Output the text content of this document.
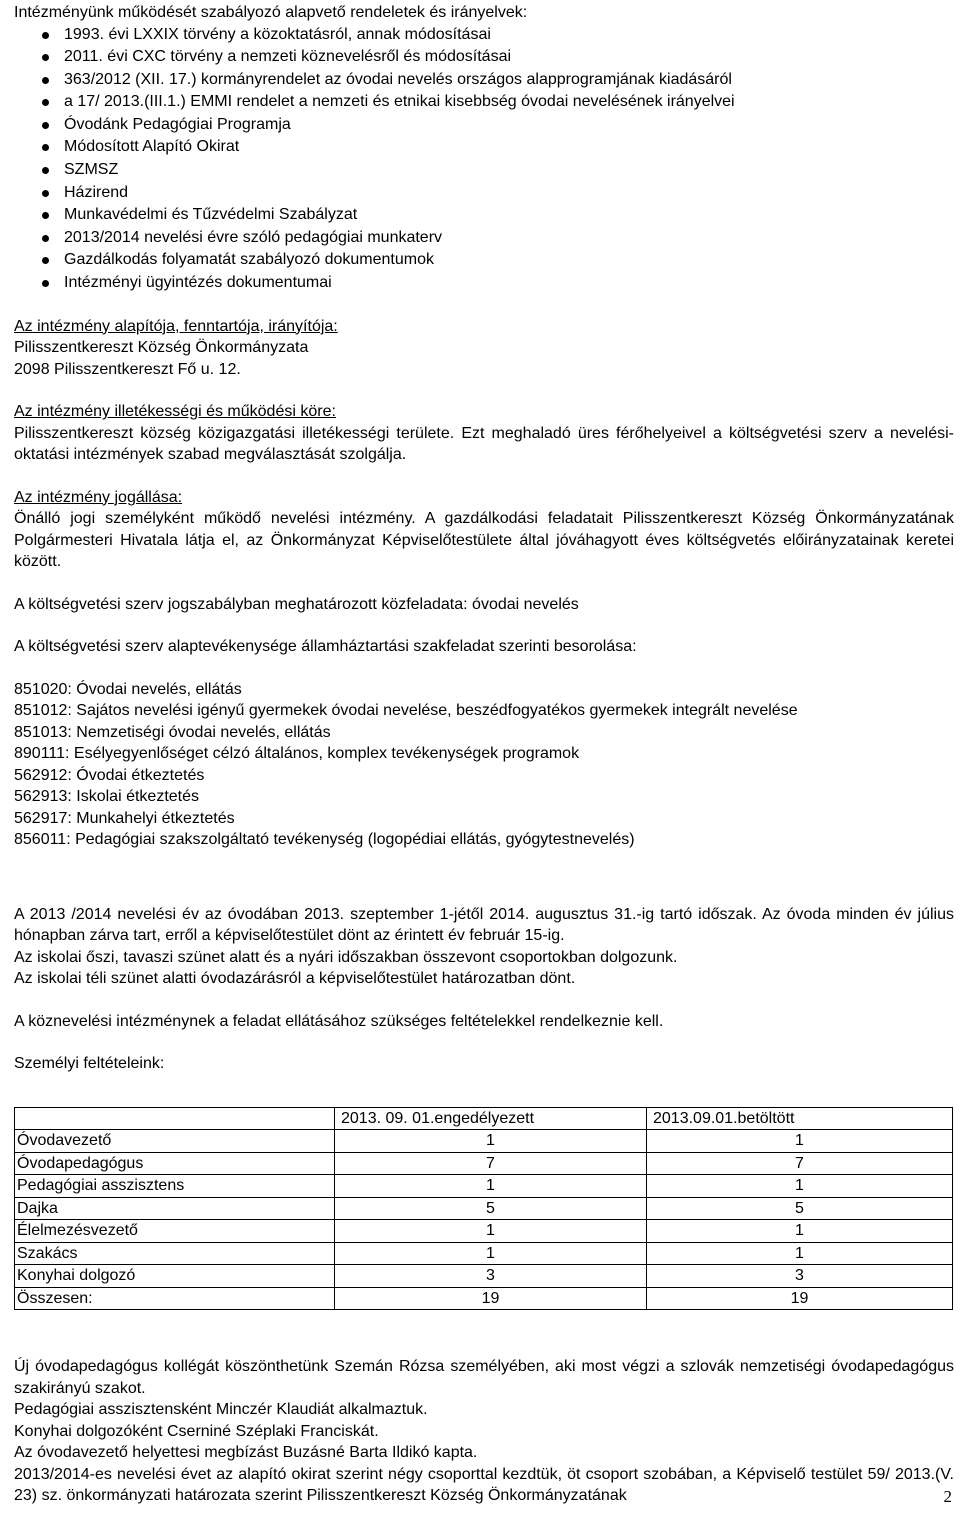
Intézményünk működését szabályozó alapvető rendeletek és irányelvek:

1993. évi LXXIX törvény a közoktatásról, annak módosításai
2011. évi CXC törvény a nemzeti köznevelésről és módosításai
363/2012 (XII. 17.) kormányrendelet az óvodai nevelés országos alapprogramjának kiadásáról
a 17/ 2013.(III.1.) EMMI rendelet a nemzeti és etnikai kisebbség óvodai nevelésének irányelvei
Óvodánk Pedagógiai Programja
Módosított Alapító Okirat
SZMSZ
Házirend
Munkavédelmi és Tűzvédelmi Szabályzat
2013/2014 nevelési évre szóló pedagógiai munkaterv
Gazdálkodás folyamatát szabályozó dokumentumok
Intézményi ügyintézés dokumentumai

Az intézmény alapítója, fenntartója, irányítója:

Pilisszentkereszt Község Önkormányzata

2098 Pilisszentkereszt Fő u. 12.

Az intézmény illetékességi és működési köre:

Pilisszentkereszt község közigazgatási illetékességi területe. Ezt meghaladó üres férőhelyeivel a költségvetési szerv a nevelési- oktatási intézmények szabad megválasztását szolgálja.

Az intézmény jogállása:

Önálló jogi személyként működő nevelési intézmény. A gazdálkodási feladatait Pilisszentkereszt Község Önkormányzatának Polgármesteri Hivatala látja el, az Önkormányzat Képviselőtestülete által jóváhagyott éves költségvetés előirányzatainak keretei között.

A költségvetési szerv jogszabályban meghatározott közfeladata: óvodai nevelés

A költségvetési szerv alaptevékenysége államháztartási szakfeladat szerinti besorolása:

851020: Óvodai nevelés, ellátás

851012: Sajátos nevelési igényű gyermekek óvodai nevelése, beszédfogyatékos gyermekek integrált nevelése

851013: Nemzetiségi óvodai nevelés, ellátás

890111: Esélyegyenlőséget célzó általános, komplex tevékenységek programok

562912: Óvodai étkeztetés

562913: Iskolai étkeztetés

562917: Munkahelyi étkeztetés

856011: Pedagógiai szakszolgáltató tevékenység (logopédiai ellátás, gyógytestnevelés)

A 2013 /2014 nevelési év az óvodában 2013. szeptember 1-jétől 2014. augusztus 31.-ig tartó időszak. Az óvoda minden év július hónapban zárva tart, erről a képviselőtestület dönt az érintett év február 15-ig.

Az iskolai őszi, tavaszi szünet alatt és a nyári időszakban összevont csoportokban dolgozunk.

Az iskolai téli szünet alatti óvodazárásról a képviselőtestület határozatban dönt.

A köznevelési intézménynek a feladat ellátásához szükséges feltételekkel rendelkeznie kell.

Személyi feltételeink:

	2013. 09. 01.engedélyezett	2013.09.01.betöltött
Óvodavezető	1	1
Óvodapedagógus	7	7
Pedagógiai asszisztens	1	1
Dajka	5	5
Élelmezésvezető	1	1
Szakács	1	1
Konyhai dolgozó	3	3
Összesen:	19	19

Új óvodapedagógus kollégát köszönthetünk Szemán Rózsa személyében, aki most végzi a szlovák nemzetiségi óvodapedagógus szakirányú szakot.

Pedagógiai asszisztensként Minczér Klaudiát alkalmaztuk.

Konyhai dolgozóként Cserniné Széplaki Franciskát.

Az óvodavezető helyettesi megbízást Buzásné Barta Ildikó kapta.

2013/2014-es nevelési évet az alapító okirat szerint négy csoporttal kezdtük, öt csoport szobában, a Képviselő testület 59/ 2013.(V. 23) sz. önkormányzati határozata szerint Pilisszentkereszt Község Önkormányzatának	2
